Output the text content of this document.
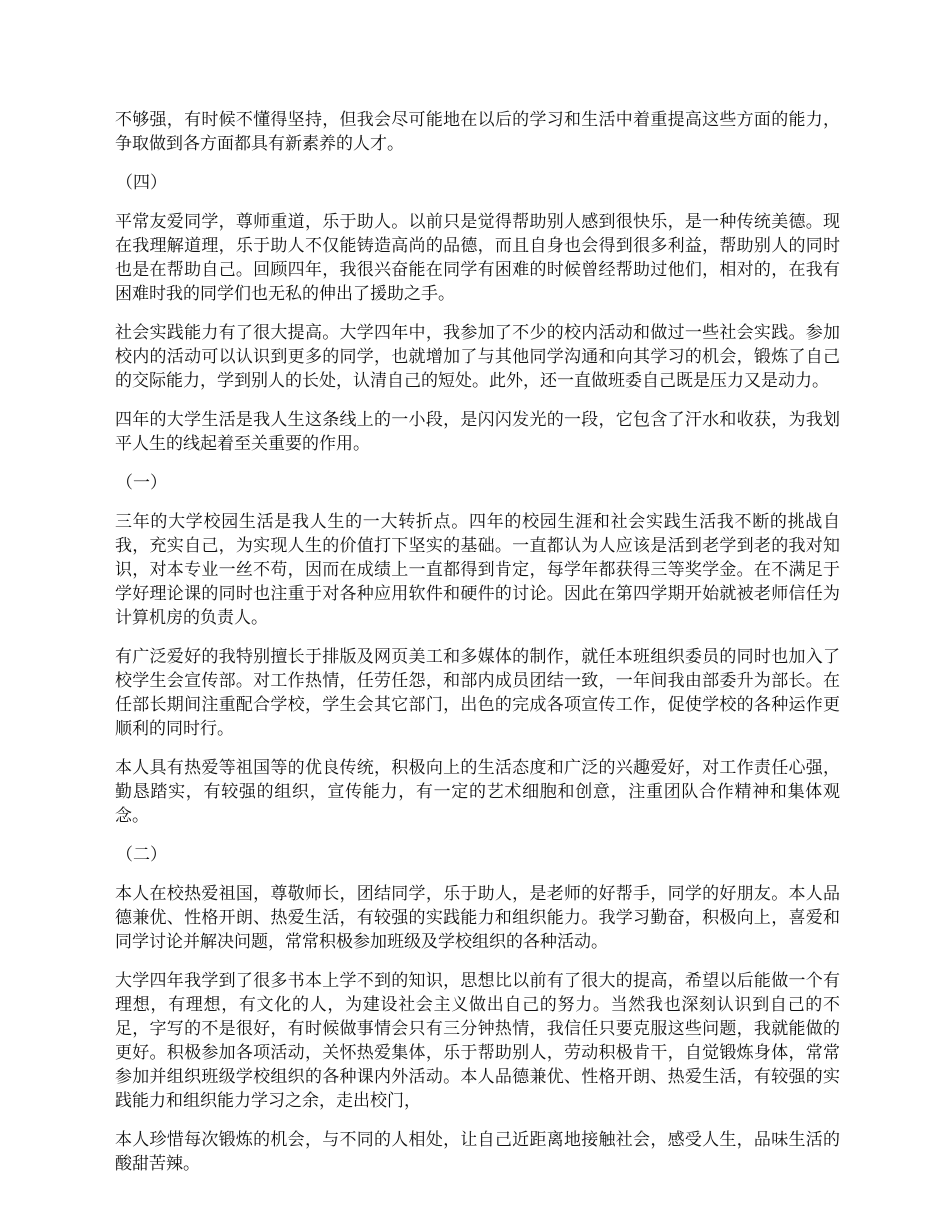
不够强，有时候不懂得坚持，但我会尽可能地在以后的学习和生活中着重提高这些方面的能力，争取做到各方面都具有新素养的人才。

（四）

平常友爱同学，尊师重道，乐于助人。以前只是觉得帮助别人感到很快乐，是一种传统美德。现在我理解道理，乐于助人不仅能铸造高尚的品德，而且自身也会得到很多利益，帮助别人的同时也是在帮助自己。回顾四年，我很兴奋能在同学有困难的时候曾经帮助过他们，相对的，在我有困难时我的同学们也无私的伸出了援助之手。

社会实践能力有了很大提高。大学四年中，我参加了不少的校内活动和做过一些社会实践。参加校内的活动可以认识到更多的同学，也就增加了与其他同学沟通和向其学习的机会，锻炼了自己的交际能力，学到别人的长处，认清自己的短处。此外，还一直做班委自己既是压力又是动力。

四年的大学生活是我人生这条线上的一小段，是闪闪发光的一段，它包含了汗水和收获，为我划平人生的线起着至关重要的作用。

（一）

三年的大学校园生活是我人生的一大转折点。四年的校园生涯和社会实践生活我不断的挑战自我，充实自己，为实现人生的价值打下坚实的基础。一直都认为人应该是活到老学到老的我对知识，对本专业一丝不苟，因而在成绩上一直都得到肯定，每学年都获得三等奖学金。在不满足于学好理论课的同时也注重于对各种应用软件和硬件的讨论。因此在第四学期开始就被老师信任为计算机房的负责人。

有广泛爱好的我特别擅长于排版及网页美工和多媒体的制作，就任本班组织委员的同时也加入了校学生会宣传部。对工作热情，任劳任怨，和部内成员团结一致，一年间我由部委升为部长。在任部长期间注重配合学校，学生会其它部门，出色的完成各项宣传工作，促使学校的各种运作更顺利的同时行。

本人具有热爱等祖国等的优良传统，积极向上的生活态度和广泛的兴趣爱好，对工作责任心强，勤恳踏实，有较强的组织，宣传能力，有一定的艺术细胞和创意，注重团队合作精神和集体观念。

（二）

本人在校热爱祖国，尊敬师长，团结同学，乐于助人，是老师的好帮手，同学的好朋友。本人品德兼优、性格开朗、热爱生活，有较强的实践能力和组织能力。我学习勤奋，积极向上，喜爱和同学讨论并解决问题，常常积极参加班级及学校组织的各种活动。

大学四年我学到了很多书本上学不到的知识，思想比以前有了很大的提高，希望以后能做一个有理想，有理想，有文化的人，为建设社会主义做出自己的努力。当然我也深刻认识到自己的不足，字写的不是很好，有时候做事情会只有三分钟热情，我信任只要克服这些问题，我就能做的更好。积极参加各项活动，关怀热爱集体，乐于帮助别人，劳动积极肯干，自觉锻炼身体，常常参加并组织班级学校组织的各种课内外活动。本人品德兼优、性格开朗、热爱生活，有较强的实践能力和组织能力学习之余，走出校门，

本人珍惜每次锻炼的机会，与不同的人相处，让自己近距离地接触社会，感受人生，品味生活的酸甜苦辣。
